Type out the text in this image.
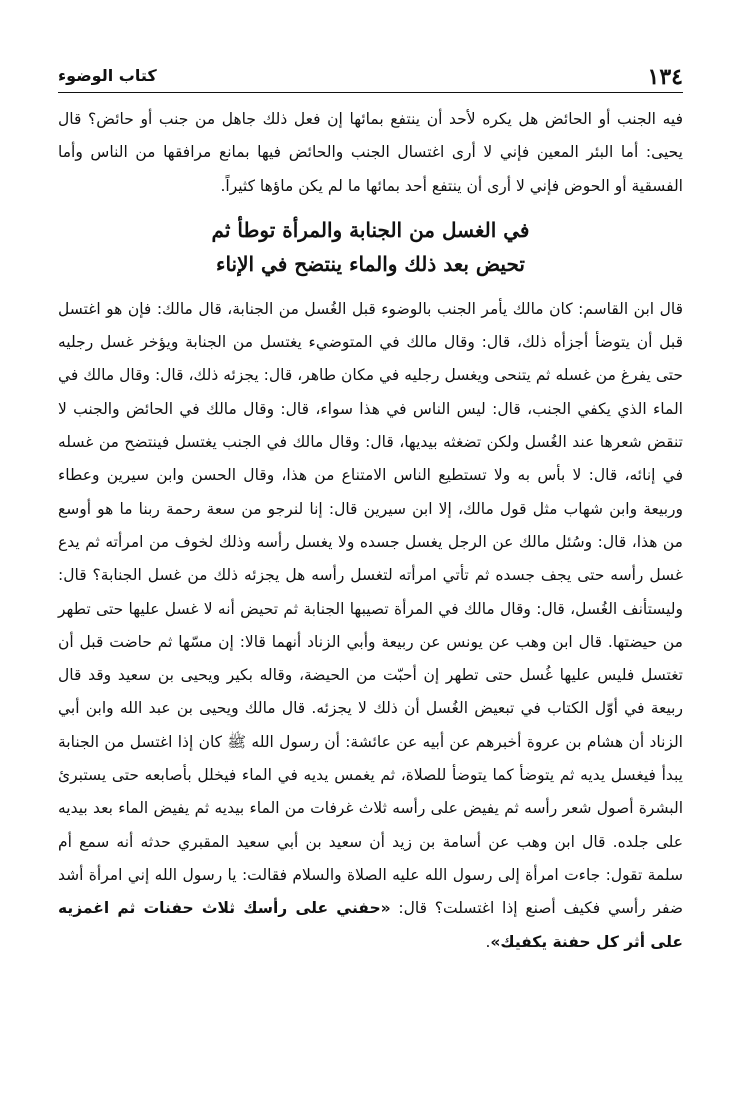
١٣٤
كتاب الوضوء

فيه الجنب أو الحائض هل يكره لأحد أن ينتفع بمائها إن فعل ذلك جاهل من جنب أو حائض؟ قال يحيى: أما البئر المعين فإني لا أرى اغتسال الجنب والحائض فيها بمانع مرافقها من الناس وأما الفسقية أو الحوض فإني لا أرى أن ينتفع أحد بمائها ما لم يكن ماؤها كثيراً.

في الغسل من الجنابة والمرأة توطأ ثم
تحيض بعد ذلك والماء ينتضح في الإناء

قال ابن القاسم: كان مالك يأمر الجنب بالوضوء قبل الغُسل من الجنابة، قال مالك: فإن هو اغتسل قبل أن يتوضأ أجزأه ذلك، قال: وقال مالك في المتوضيء يغتسل من الجنابة ويؤخر غسل رجليه حتى يفرغ من غسله ثم يتنحى ويغسل رجليه في مكان طاهر، قال: يجزئه ذلك، قال: وقال مالك في الماء الذي يكفي الجنب، قال: ليس الناس في هذا سواء، قال: وقال مالك في الحائض والجنب لا تنقض شعرها عند الغُسل ولكن تضغثه بيديها، قال: وقال مالك في الجنب يغتسل فينتضح من غسله في إنائه، قال: لا بأس به ولا تستطيع الناس الامتناع من هذا، وقال الحسن وابن سيرين وعطاء وربيعة وابن شهاب مثل قول مالك، إلا ابن سيرين قال: إنا لنرجو من سعة رحمة ربنا ما هو أوسع من هذا، قال: وسُئل مالك عن الرجل يغسل جسده ولا يغسل رأسه وذلك لخوف من امرأته ثم يدع غسل رأسه حتى يجف جسده ثم تأتي امرأته لتغسل رأسه هل يجزئه ذلك من غسل الجنابة؟ قال: وليستأنف الغُسل، قال: وقال مالك في المرأة تصيبها الجنابة ثم تحيض أنه لا غسل عليها حتى تطهر من حيضتها. قال ابن وهب عن يونس عن ربيعة وأبي الزناد أنهما قالا: إن مسّها ثم حاضت قبل أن تغتسل فليس عليها غُسل حتى تطهر إن أحبّت من الحيضة، وقاله بكير ويحيى بن سعيد وقد قال ربيعة في أوّل الكتاب في تبعيض الغُسل أن ذلك لا يجزئه. قال مالك ويحيى بن عبد الله وابن أبي الزناد أن هشام بن عروة أخبرهم عن أبيه عن عائشة: أن رسول الله ﷺ كان إذا اغتسل من الجنابة يبدأ فيغسل يديه ثم يتوضأ كما يتوضأ للصلاة، ثم يغمس يديه في الماء فيخلل بأصابعه حتى يستبرئ البشرة أصول شعر رأسه ثم يفيض على رأسه ثلاث غرفات من الماء بيديه ثم يفيض الماء بعد بيديه على جلده. قال ابن وهب عن أسامة بن زيد أن سعيد بن أبي سعيد المقبري حدثه أنه سمع أم سلمة تقول: جاءت امرأة إلى رسول الله عليه الصلاة والسلام فقالت: يا رسول الله إني امرأة أشد ضفر رأسي فكيف أصنع إذا اغتسلت؟ قال: «حفني على رأسك ثلاث حفنات ثم اغمزيه على أثر كل حفنة يكفيك».
